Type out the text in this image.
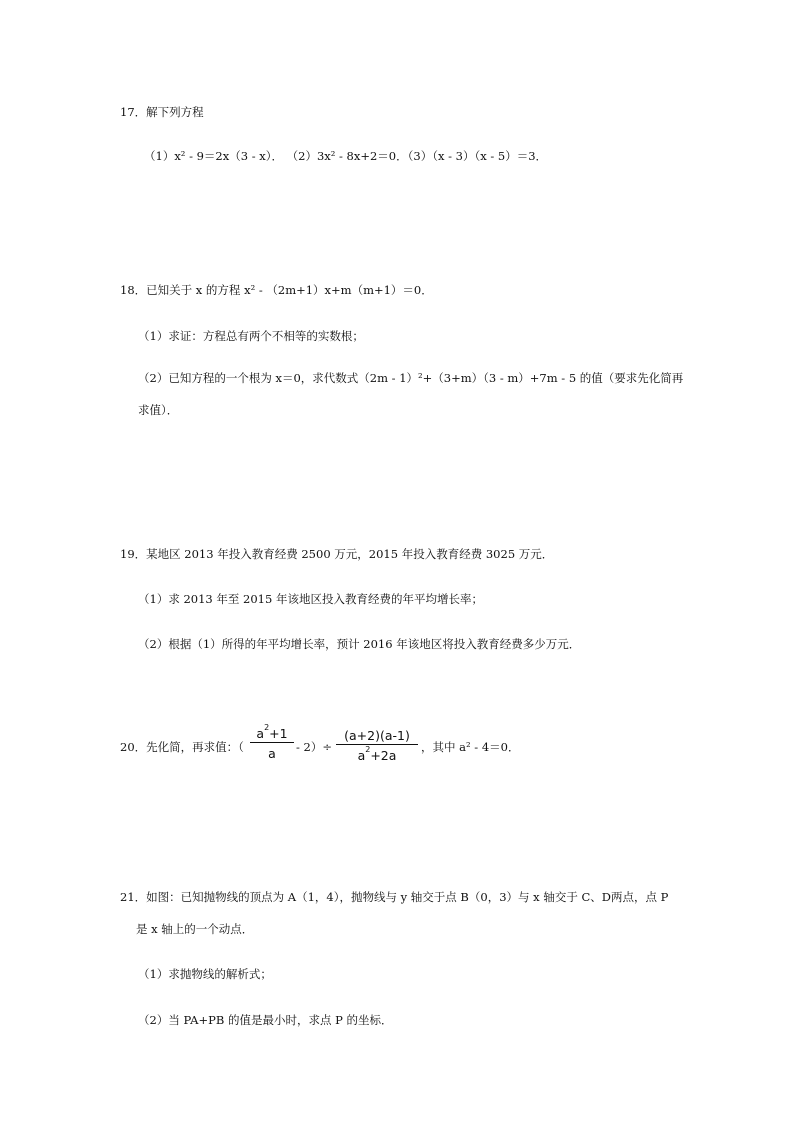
17．解下列方程
（1）x² - 9＝2x（3 - x）． （2）3x² - 8x+2＝0．（3）（x - 3）（x - 5）＝3．
18．已知关于 x 的方程 x² - （2m+1）x+m（m+1）＝0．
（1）求证：方程总有两个不相等的实数根；
（2）已知方程的一个根为 x＝0，求代数式（2m - 1）²+（3+m）（3 - m）+7m - 5 的值（要求先化简再
求值）．
19．某地区 2013 年投入教育经费 2500 万元，2015 年投入教育经费 3025 万元．
（1）求 2013 年至 2015 年该地区投入教育经费的年平均增长率；
（2）根据（1）所得的年平均增长率，预计 2016 年该地区将投入教育经费多少万元．
20．先化简，再求值：（ $\frac{a^2+1}{a} - 2)\div \frac{(a+2)(a-1)}{a^2+2a}$ ，其中 a² - 4＝0．
21．如图：已知抛物线的顶点为 A（1，4），抛物线与 y 轴交于点 B（0，3）与 x 轴交于 C、D两点，点 P
是 x 轴上的一个动点．
（1）求抛物线的解析式；
（2）当 PA+PB 的值是最小时，求点 P 的坐标．
